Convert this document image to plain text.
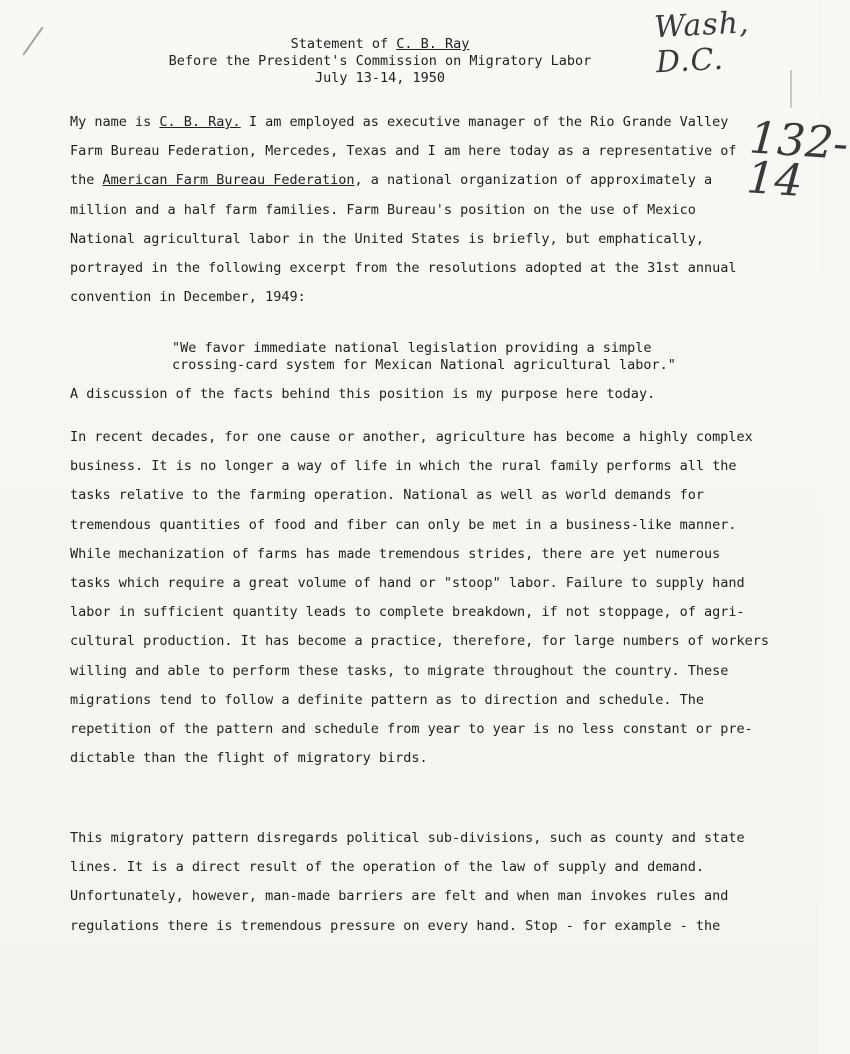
Wash, D.C.
132-14
Statement of C. B. Ray
Before the President's Commission on Migratory Labor
July 13-14, 1950
My name is C. B. Ray. I am employed as executive manager of the Rio Grande Valley
Farm Bureau Federation, Mercedes, Texas and I am here today as a representative of
the American Farm Bureau Federation, a national organization of approximately a
million and a half farm families. Farm Bureau's position on the use of Mexico
National agricultural labor in the United States is briefly, but emphatically,
portrayed in the following excerpt from the resolutions adopted at the 31st annual
convention in December, 1949:
"We favor immediate national legislation providing a simple
crossing-card system for Mexican National agricultural labor."
A discussion of the facts behind this position is my purpose here today.
In recent decades, for one cause or another, agriculture has become a highly complex
business. It is no longer a way of life in which the rural family performs all the
tasks relative to the farming operation. National as well as world demands for
tremendous quantities of food and fiber can only be met in a business-like manner.
While mechanization of farms has made tremendous strides, there are yet numerous
tasks which require a great volume of hand or "stoop" labor. Failure to supply hand
labor in sufficient quantity leads to complete breakdown, if not stoppage, of agri-
cultural production. It has become a practice, therefore, for large numbers of workers
willing and able to perform these tasks, to migrate throughout the country. These
migrations tend to follow a definite pattern as to direction and schedule. The
repetition of the pattern and schedule from year to year is no less constant or pre-
dictable than the flight of migratory birds.
This migratory pattern disregards political sub-divisions, such as county and state
lines. It is a direct result of the operation of the law of supply and demand.
Unfortunately, however, man-made barriers are felt and when man invokes rules and
regulations there is tremendous pressure on every hand. Stop - for example - the
